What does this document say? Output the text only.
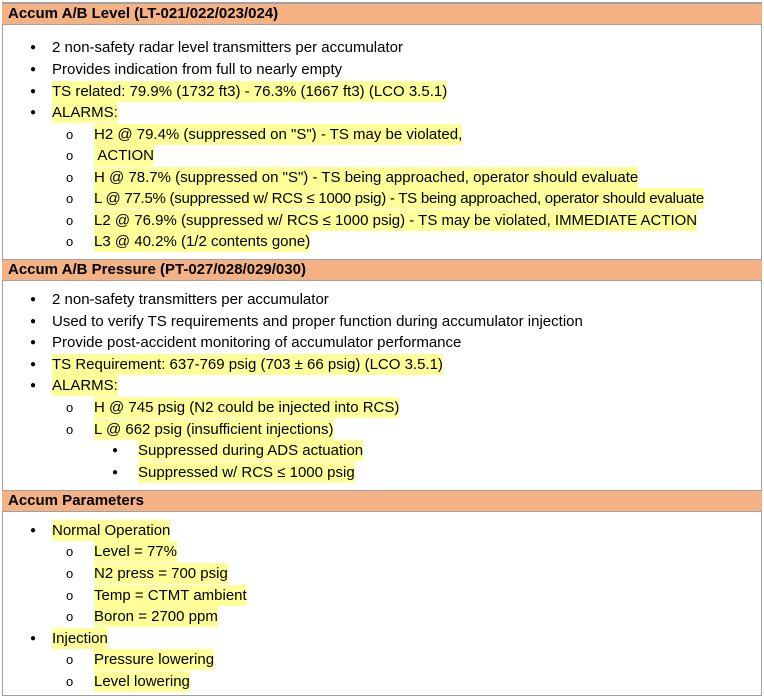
Accum A/B Level (LT-021/022/023/024)
● 2 non-safety radar level transmitters per accumulator
● Provides indication from full to nearly empty
● TS related: 79.9% (1732 ft3) - 76.3% (1667 ft3) (LCO 3.5.1)
● ALARMS:
o H2 @ 79.4% (suppressed on "S") - TS may be violated,
o ACTION
o H @ 78.7% (suppressed on "S") - TS being approached, operator should evaluate
o L @ 77.5% (suppressed w/ RCS ≤ 1000 psig) - TS being approached, operator should evaluate
o L2 @ 76.9% (suppressed w/ RCS ≤ 1000 psig) - TS may be violated, IMMEDIATE ACTION
o L3 @ 40.2% (1/2 contents gone)
Accum A/B Pressure (PT-027/028/029/030)
● 2 non-safety transmitters per accumulator
● Used to verify TS requirements and proper function during accumulator injection
● Provide post-accident monitoring of accumulator performance
● TS Requirement: 637-769 psig (703 ± 66 psig) (LCO 3.5.1)
● ALARMS:
o H @ 745 psig (N2 could be injected into RCS)
o L @ 662 psig (insufficient injections)
● Suppressed during ADS actuation
● Suppressed w/ RCS ≤ 1000 psig
Accum Parameters
● Normal Operation
o Level = 77%
o N2 press = 700 psig
o Temp = CTMT ambient
o Boron = 2700 ppm
● Injection
o Pressure lowering
o Level lowering
